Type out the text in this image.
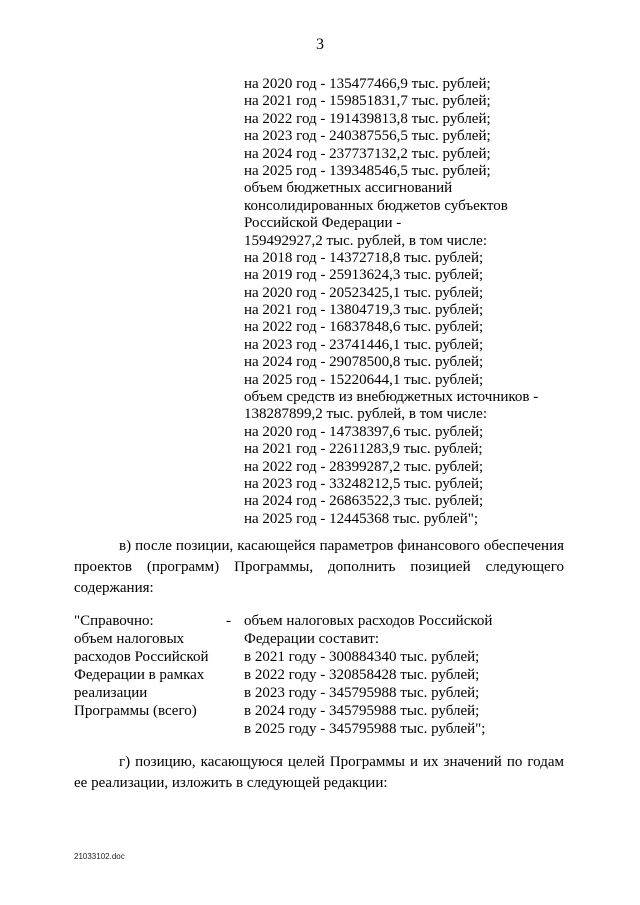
3
на 2020 год - 135477466,9 тыс. рублей;
на 2021 год - 159851831,7 тыс. рублей;
на 2022 год - 191439813,8 тыс. рублей;
на 2023 год - 240387556,5 тыс. рублей;
на 2024 год - 237737132,2 тыс. рублей;
на 2025 год - 139348546,5 тыс. рублей;
объем бюджетных ассигнований
консолидированных бюджетов субъектов
Российской Федерации -
159492927,2 тыс. рублей, в том числе:
на 2018 год - 14372718,8 тыс. рублей;
на 2019 год - 25913624,3 тыс. рублей;
на 2020 год - 20523425,1 тыс. рублей;
на 2021 год - 13804719,3 тыс. рублей;
на 2022 год - 16837848,6 тыс. рублей;
на 2023 год - 23741446,1 тыс. рублей;
на 2024 год - 29078500,8 тыс. рублей;
на 2025 год - 15220644,1 тыс. рублей;
объем средств из внебюджетных источников -
138287899,2 тыс. рублей, в том числе:
на 2020 год - 14738397,6 тыс. рублей;
на 2021 год - 22611283,9 тыс. рублей;
на 2022 год - 28399287,2 тыс. рублей;
на 2023 год - 33248212,5 тыс. рублей;
на 2024 год - 26863522,3 тыс. рублей;
на 2025 год - 12445368 тыс. рублей";
в) после позиции, касающейся параметров финансового обеспечения
проектов (программ) Программы, дополнить позицией следующего
содержания:
"Справочно:
объем налоговых
расходов Российской
Федерации в рамках
реализации
Программы (всего)
- объем налоговых расходов Российской
Федерации составит:
в 2021 году - 300884340 тыс. рублей;
в 2022 году - 320858428 тыс. рублей;
в 2023 году - 345795988 тыс. рублей;
в 2024 году - 345795988 тыс. рублей;
в 2025 году - 345795988 тыс. рублей";
г) позицию, касающуюся целей Программы и их значений по годам
ее реализации, изложить в следующей редакции:
21033102.doc
